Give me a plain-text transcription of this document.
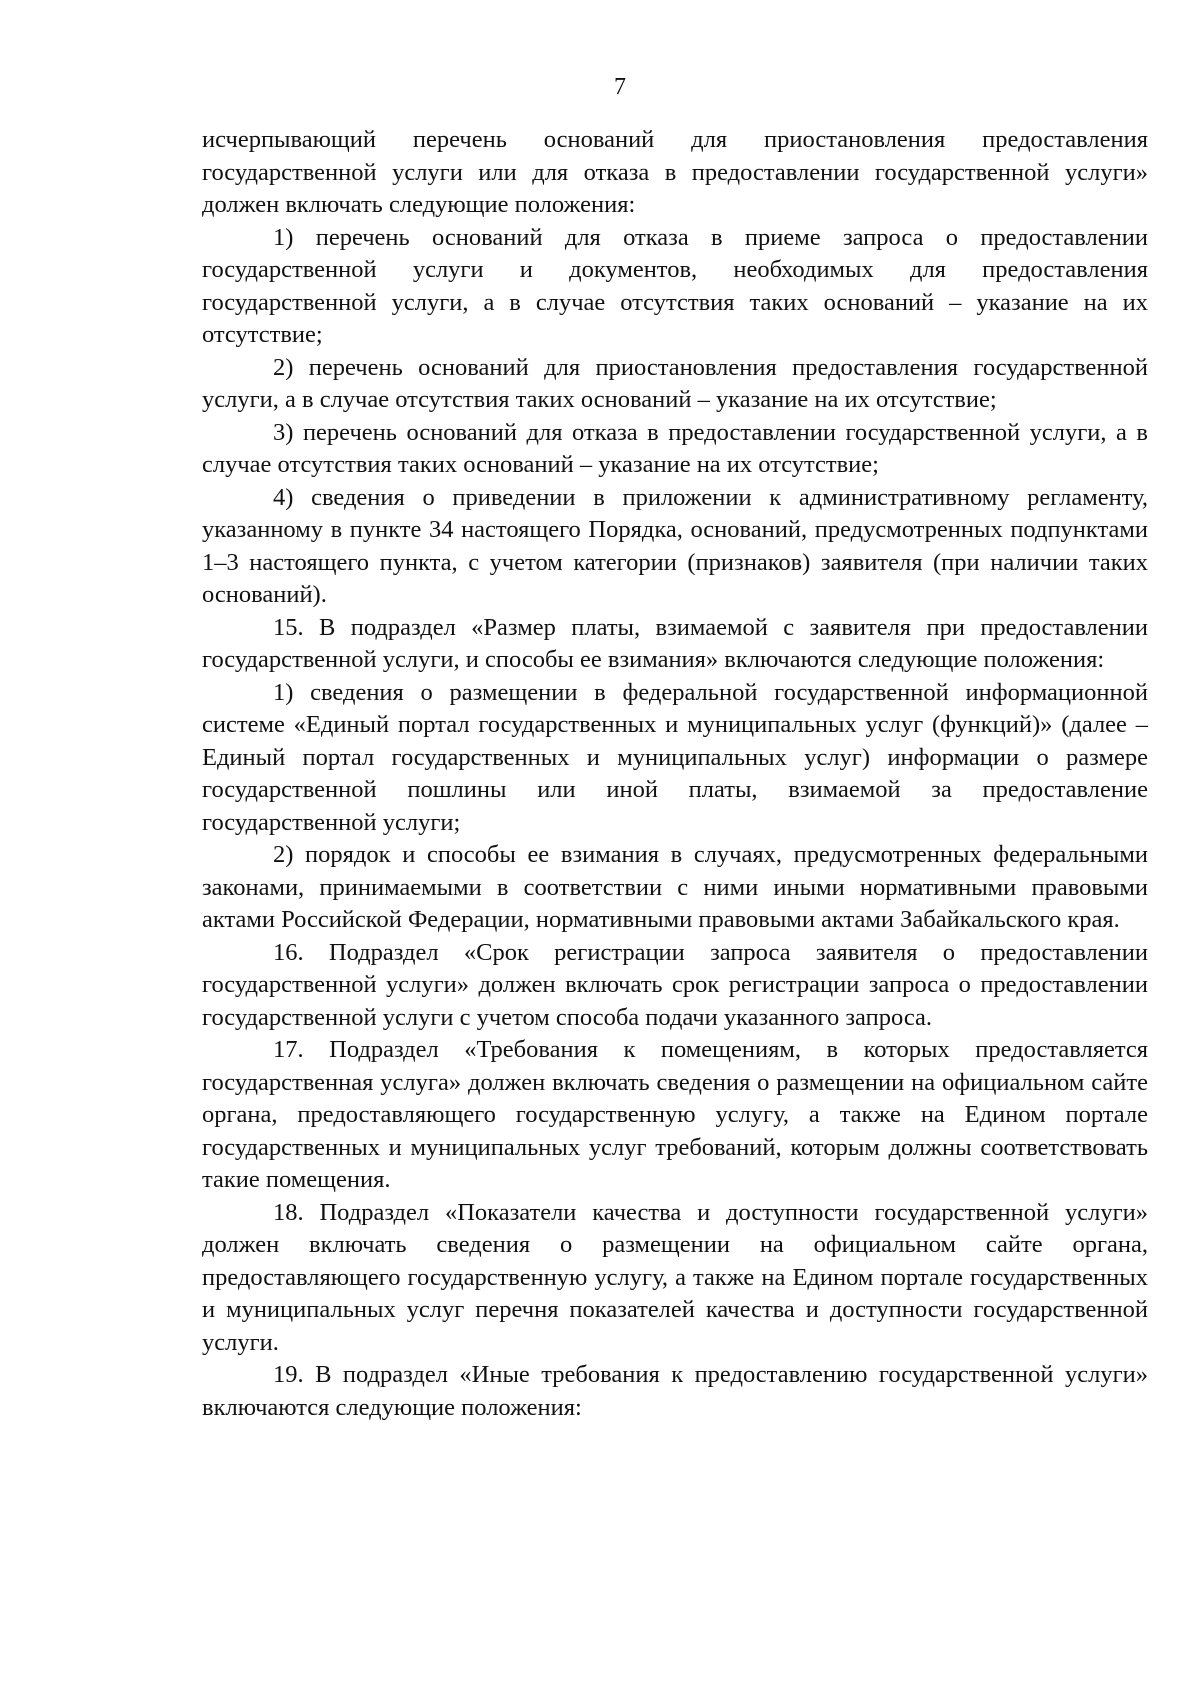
7

исчерпывающий перечень оснований для приостановления предоставления государственной услуги или для отказа в предоставлении государственной услуги» должен включать следующие положения:

1) перечень оснований для отказа в приеме запроса о предоставлении государственной услуги и документов, необходимых для предоставления государственной услуги, а в случае отсутствия таких оснований – указание на их отсутствие;

2) перечень оснований для приостановления предоставления государственной услуги, а в случае отсутствия таких оснований – указание на их отсутствие;

3) перечень оснований для отказа в предоставлении государственной услуги, а в случае отсутствия таких оснований – указание на их отсутствие;

4) сведения о приведении в приложении к административному регламенту, указанному в пункте 34 настоящего Порядка, оснований, предусмотренных подпунктами 1–3 настоящего пункта, с учетом категории (признаков) заявителя (при наличии таких оснований).

15. В подраздел «Размер платы, взимаемой с заявителя при предоставлении государственной услуги, и способы ее взимания» включаются следующие положения:

1) сведения о размещении в федеральной государственной информационной системе «Единый портал государственных и муниципальных услуг (функций)» (далее – Единый портал государственных и муниципальных услуг) информации о размере государственной пошлины или иной платы, взимаемой за предоставление государственной услуги;

2) порядок и способы ее взимания в случаях, предусмотренных федеральными законами, принимаемыми в соответствии с ними иными нормативными правовыми актами Российской Федерации, нормативными правовыми актами Забайкальского края.

16. Подраздел «Срок регистрации запроса заявителя о предоставлении государственной услуги» должен включать срок регистрации запроса о предоставлении государственной услуги с учетом способа подачи указанного запроса.

17. Подраздел «Требования к помещениям, в которых предоставляется государственная услуга» должен включать сведения о размещении на официальном сайте органа, предоставляющего государственную услугу, а также на Едином портале государственных и муниципальных услуг требований, которым должны соответствовать такие помещения.

18. Подраздел «Показатели качества и доступности государственной услуги» должен включать сведения о размещении на официальном сайте органа, предоставляющего государственную услугу, а также на Едином портале государственных и муниципальных услуг перечня показателей качества и доступности государственной услуги.

19. В подраздел «Иные требования к предоставлению государственной услуги» включаются следующие положения:
